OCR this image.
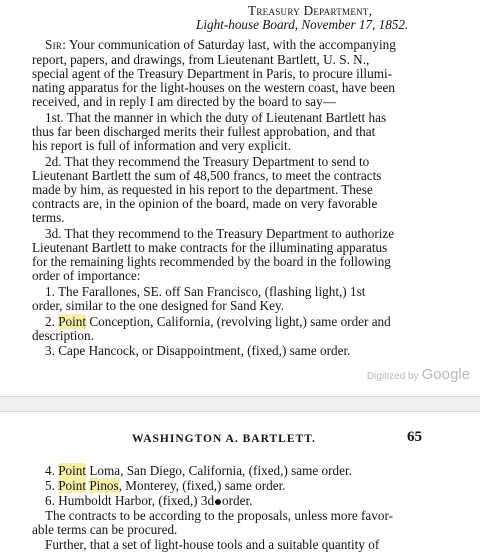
Treasury Department,
Light-house Board, November 17, 1852.
Sir: Your communication of Saturday last, with the accompanying
report, papers, and drawings, from Lieutenant Bartlett, U. S. N.,
special agent of the Treasury Department in Paris, to procure illumi-
nating apparatus for the light-houses on the western coast, have been
received, and in reply I am directed by the board to say—
1st. That the manner in which the duty of Lieutenant Bartlett has
thus far been discharged merits their fullest approbation, and that
his report is full of information and very explicit.
2d. That they recommend the Treasury Department to send to
Lieutenant Bartlett the sum of 48,500 francs, to meet the contracts
made by him, as requested in his report to the department. These
contracts are, in the opinion of the board, made on very favorable
terms.
3d. That they recommend to the Treasury Department to authorize
Lieutenant Bartlett to make contracts for the illuminating apparatus
for the remaining lights recommended by the board in the following
order of importance:
1. The Farallones, SE. off San Francisco, (flashing light,) 1st
order, similar to the one designed for Sand Key.
2. Point Conception, California, (revolving light,) same order and
description.
3. Cape Hancock, or Disappointment, (fixed,) same order.
Digitized by Google
WASHINGTON A. BARTLETT.	65
4. Point Loma, San Diego, California, (fixed,) same order.
5. Point Pinos, Monterey, (fixed,) same order.
6. Humboldt Harbor, (fixed,) 3d order.
The contracts to be according to the proposals, unless more favor-
able terms can be procured.
Further, that a set of light-house tools and a suitable quantity of
